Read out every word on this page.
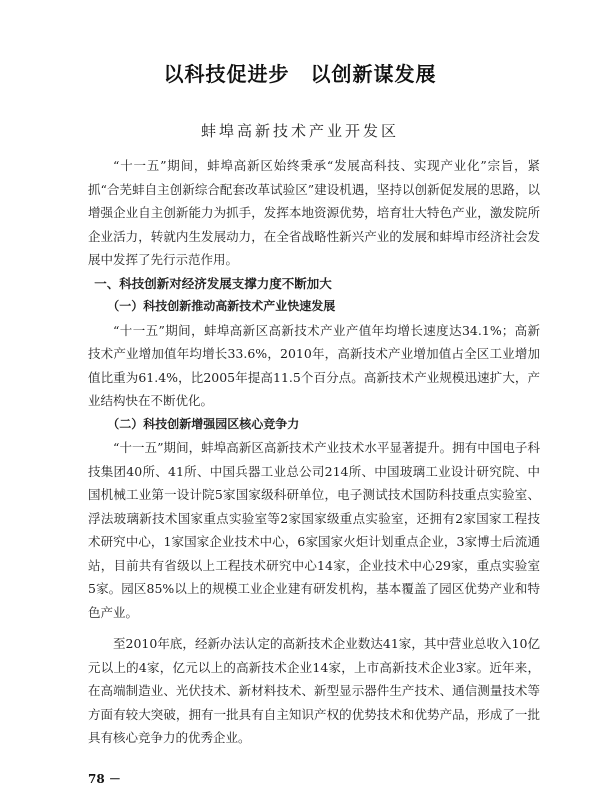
以科技促进步　以创新谋发展
蚌埠高新技术产业开发区

“十一五”期间，蚌埠高新区始终秉承“发展高科技、实现产业化”宗旨，紧抓“合芜蚌自主创新综合配套改革试验区”建设机遇，坚持以创新促发展的思路，以增强企业自主创新能力为抓手，发挥本地资源优势，培育壮大特色产业，激发院所企业活力，转就内生发展动力，在全省战略性新兴产业的发展和蚌埠市经济社会发展中发挥了先行示范作用。

一、科技创新对经济发展支撑力度不断加大

（一）科技创新推动高新技术产业快速发展

“十一五”期间，蚌埠高新区高新技术产业产值年均增长速度达34.1%；高新技术产业增加值年均增长33.6%，2010年，高新技术产业增加值占全区工业增加值比重为61.4%，比2005年提高11.5个百分点。高新技术产业规模迅速扩大，产业结构快在不断优化。

（二）科技创新增强园区核心竞争力

“十一五”期间，蚌埠高新区高新技术产业技术水平显著提升。拥有中国电子科技集团40所、41所、中国兵器工业总公司214所、中国玻璃工业设计研究院、中国机械工业第一设计院5家国家级科研单位，电子测试技术国防科技重点实验室、浮法玻璃新技术国家重点实验室等2家国家级重点实验室，还拥有2家国家工程技术研究中心，1家国家企业技术中心，6家国家火炬计划重点企业，3家博士后流通站，目前共有省级以上工程技术研究中心14家，企业技术中心29家，重点实验室5家。园区85%以上的规模工业企业建有研发机构，基本覆盖了园区优势产业和特色产业。

至2010年底，经新办法认定的高新技术企业数达41家，其中营业总收入10亿元以上的4家，亿元以上的高新技术企业14家，上市高新技术企业3家。近年来，在高端制造业、光伏技术、新材料技术、新型显示器件生产技术、通信测量技术等方面有较大突破，拥有一批具有自主知识产权的优势技术和优势产品，形成了一批具有核心竞争力的优秀企业。

78 －
